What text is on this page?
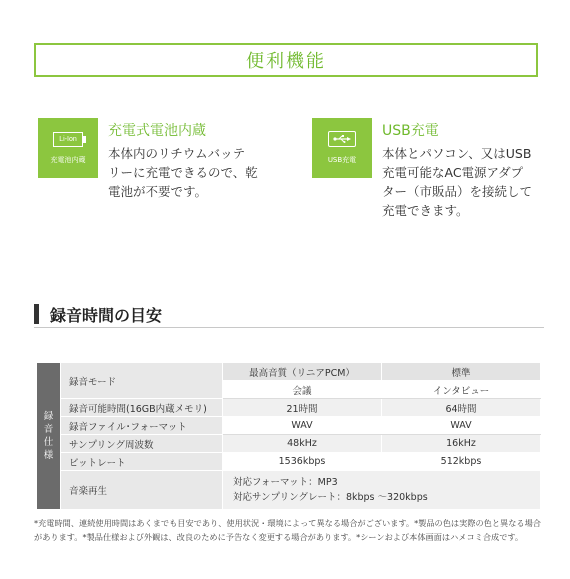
便利機能
Li-Ion
充電池内蔵
充電式電池内蔵
本体内のリチウムバッテ
リーに充電できるので、乾
電池が不要です。
USB充電
USB充電
本体とパソコン、又はUSB
充電可能なAC電源アダプ
ター（市販品）を接続して
充電できます。
録音時間の目安
録
音
仕
様	録音モード	最高音質（リニアPCM）	標準
		会議	インタビュー
	録音可能時間(16GB内蔵メモリ)	21時間	64時間
	録音ファイル･フォーマット	WAV	WAV
	サンプリング周波数	48kHz	16kHz
	ビットレート	1536kbps	512kbps
	音楽再生	対応フォーマット：MP3
対応サンプリングレート：8kbps 〜320kbps	
*充電時間、連続使用時間はあくまでも目安であり、使用状況・環境によって異なる場合がございます。*製品の色は実際の色と異なる場合があります。*製品仕様および外観は、改良のために予告なく変更する場合があります。*シーンおよび本体画面はハメコミ合成です。
